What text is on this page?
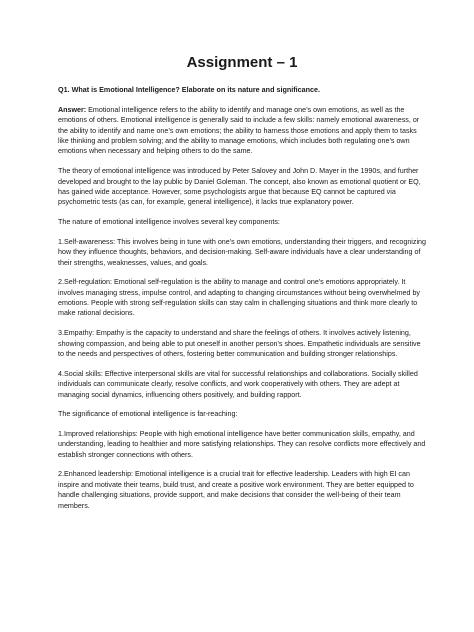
Assignment – 1
Q1. What is Emotional Intelligence? Elaborate on its nature and significance.

Answer: Emotional intelligence refers to the ability to identify and manage one’s own emotions, as well as the emotions of others. Emotional intelligence is generally said to include a few skills: namely emotional awareness, or the ability to identify and name one’s own emotions; the ability to harness those emotions and apply them to tasks like thinking and problem solving; and the ability to manage emotions, which includes both regulating one’s own emotions when necessary and helping others to do the same.

The theory of emotional intelligence was introduced by Peter Salovey and John D. Mayer in the 1990s, and further developed and brought to the lay public by Daniel Goleman. The concept, also known as emotional quotient or EQ, has gained wide acceptance. However, some psychologists argue that because EQ cannot be captured via psychometric tests (as can, for example, general intelligence), it lacks true explanatory power.

The nature of emotional intelligence involves several key components:

1.Self-awareness: This involves being in tune with one's own emotions, understanding their triggers, and recognizing how they influence thoughts, behaviors, and decision-making. Self-aware individuals have a clear understanding of their strengths, weaknesses, values, and goals.

2.Self-regulation: Emotional self-regulation is the ability to manage and control one's emotions appropriately. It involves managing stress, impulse control, and adapting to changing circumstances without being overwhelmed by emotions. People with strong self-regulation skills can stay calm in challenging situations and think more clearly to make rational decisions.

3.Empathy: Empathy is the capacity to understand and share the feelings of others. It involves actively listening, showing compassion, and being able to put oneself in another person's shoes. Empathetic individuals are sensitive to the needs and perspectives of others, fostering better communication and building stronger relationships.

4.Social skills: Effective interpersonal skills are vital for successful relationships and collaborations. Socially skilled individuals can communicate clearly, resolve conflicts, and work cooperatively with others. They are adept at managing social dynamics, influencing others positively, and building rapport.

The significance of emotional intelligence is far-reaching:

1.Improved relationships: People with high emotional intelligence have better communication skills, empathy, and understanding, leading to healthier and more satisfying relationships. They can resolve conflicts more effectively and establish stronger connections with others.

2.Enhanced leadership: Emotional intelligence is a crucial trait for effective leadership. Leaders with high EI can inspire and motivate their teams, build trust, and create a positive work environment. They are better equipped to handle challenging situations, provide support, and make decisions that consider the well-being of their team members.
